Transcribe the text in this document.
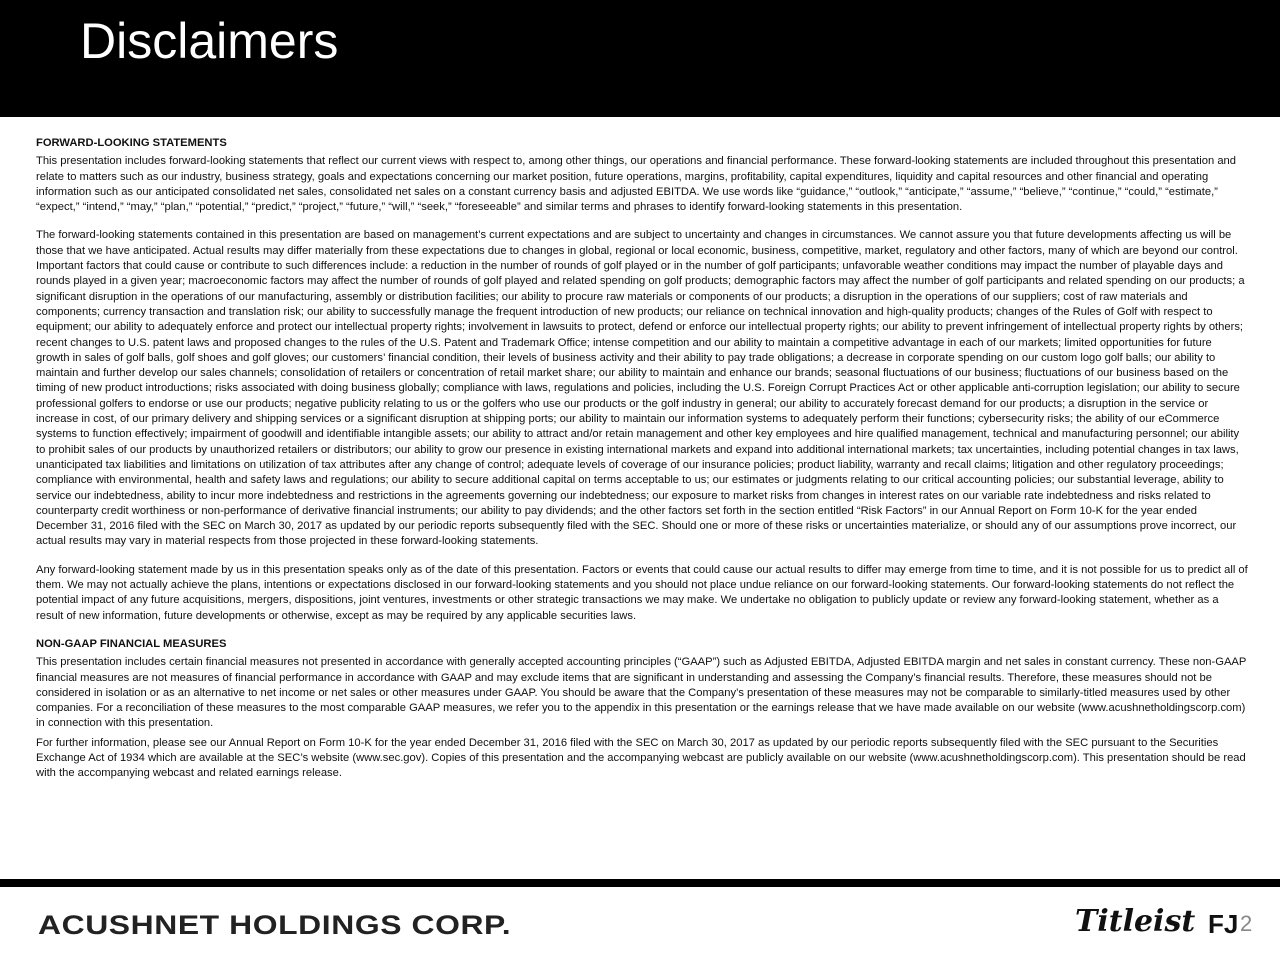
Disclaimers
FORWARD-LOOKING STATEMENTS

This presentation includes forward-looking statements that reflect our current views with respect to, among other things, our operations and financial performance. These forward-looking statements are included throughout this presentation and relate to matters such as our industry, business strategy, goals and expectations concerning our market position, future operations, margins, profitability, capital expenditures, liquidity and capital resources and other financial and operating information such as our anticipated consolidated net sales, consolidated net sales on a constant currency basis and adjusted EBITDA. We use words like “guidance,” “outlook,” “anticipate,” “assume,” “believe,” “continue,” “could,” “estimate,” “expect,” “intend,” “may,” “plan,” “potential,” “predict,” “project,” “future,” “will,” “seek,” “foreseeable” and similar terms and phrases to identify forward-looking statements in this presentation.

The forward-looking statements contained in this presentation are based on management’s current expectations and are subject to uncertainty and changes in circumstances. We cannot assure you that future developments affecting us will be those that we have anticipated. Actual results may differ materially from these expectations due to changes in global, regional or local economic, business, competitive, market, regulatory and other factors, many of which are beyond our control. Important factors that could cause or contribute to such differences include: a reduction in the number of rounds of golf played or in the number of golf participants; unfavorable weather conditions may impact the number of playable days and rounds played in a given year; macroeconomic factors may affect the number of rounds of golf played and related spending on golf products; demographic factors may affect the number of golf participants and related spending on our products; a significant disruption in the operations of our manufacturing, assembly or distribution facilities; our ability to procure raw materials or components of our products; a disruption in the operations of our suppliers; cost of raw materials and components; currency transaction and translation risk; our ability to successfully manage the frequent introduction of new products; our reliance on technical innovation and high-quality products; changes of the Rules of Golf with respect to equipment; our ability to adequately enforce and protect our intellectual property rights; involvement in lawsuits to protect, defend or enforce our intellectual property rights; our ability to prevent infringement of intellectual property rights by others; recent changes to U.S. patent laws and proposed changes to the rules of the U.S. Patent and Trademark Office; intense competition and our ability to maintain a competitive advantage in each of our markets; limited opportunities for future growth in sales of golf balls, golf shoes and golf gloves; our customers’ financial condition, their levels of business activity and their ability to pay trade obligations; a decrease in corporate spending on our custom logo golf balls; our ability to maintain and further develop our sales channels; consolidation of retailers or concentration of retail market share; our ability to maintain and enhance our brands; seasonal fluctuations of our business; fluctuations of our business based on the timing of new product introductions; risks associated with doing business globally; compliance with laws, regulations and policies, including the U.S. Foreign Corrupt Practices Act or other applicable anti-corruption legislation; our ability to secure professional golfers to endorse or use our products; negative publicity relating to us or the golfers who use our products or the golf industry in general; our ability to accurately forecast demand for our products; a disruption in the service or increase in cost, of our primary delivery and shipping services or a significant disruption at shipping ports; our ability to maintain our information systems to adequately perform their functions; cybersecurity risks; the ability of our eCommerce systems to function effectively; impairment of goodwill and identifiable intangible assets; our ability to attract and/or retain management and other key employees and hire qualified management, technical and manufacturing personnel; our ability to prohibit sales of our products by unauthorized retailers or distributors; our ability to grow our presence in existing international markets and expand into additional international markets; tax uncertainties, including potential changes in tax laws, unanticipated tax liabilities and limitations on utilization of tax attributes after any change of control; adequate levels of coverage of our insurance policies; product liability, warranty and recall claims; litigation and other regulatory proceedings; compliance with environmental, health and safety laws and regulations; our ability to secure additional capital on terms acceptable to us; our estimates or judgments relating to our critical accounting policies; our substantial leverage, ability to service our indebtedness, ability to incur more indebtedness and restrictions in the agreements governing our indebtedness; our exposure to market risks from changes in interest rates on our variable rate indebtedness and risks related to counterparty credit worthiness or non-performance of derivative financial instruments; our ability to pay dividends; and the other factors set forth in the section entitled “Risk Factors” in our Annual Report on Form 10-K for the year ended December 31, 2016 filed with the SEC on March 30, 2017 as updated by our periodic reports subsequently filed with the SEC. Should one or more of these risks or uncertainties materialize, or should any of our assumptions prove incorrect, our actual results may vary in material respects from those projected in these forward-looking statements.

Any forward-looking statement made by us in this presentation speaks only as of the date of this presentation. Factors or events that could cause our actual results to differ may emerge from time to time, and it is not possible for us to predict all of them. We may not actually achieve the plans, intentions or expectations disclosed in our forward-looking statements and you should not place undue reliance on our forward-looking statements. Our forward-looking statements do not reflect the potential impact of any future acquisitions, mergers, dispositions, joint ventures, investments or other strategic transactions we may make. We undertake no obligation to publicly update or review any forward-looking statement, whether as a result of new information, future developments or otherwise, except as may be required by any applicable securities laws.

NON-GAAP FINANCIAL MEASURES

This presentation includes certain financial measures not presented in accordance with generally accepted accounting principles (“GAAP”) such as Adjusted EBITDA, Adjusted EBITDA margin and net sales in constant currency. These non-GAAP financial measures are not measures of financial performance in accordance with GAAP and may exclude items that are significant in understanding and assessing the Company’s financial results. Therefore, these measures should not be considered in isolation or as an alternative to net income or net sales or other measures under GAAP. You should be aware that the Company’s presentation of these measures may not be comparable to similarly-titled measures used by other companies. For a reconciliation of these measures to the most comparable GAAP measures, we refer you to the appendix in this presentation or the earnings release that we have made available on our website (www.acushnetholdingscorp.com) in connection with this presentation.

For further information, please see our Annual Report on Form 10-K for the year ended December 31, 2016 filed with the SEC on March 30, 2017 as updated by our periodic reports subsequently filed with the SEC pursuant to the Securities Exchange Act of 1934 which are available at the SEC’s website (www.sec.gov). Copies of this presentation and the accompanying webcast are publicly available on our website (www.acushnetholdingscorp.com). This presentation should be read with the accompanying webcast and related earnings release.

ACUSHNET HOLDINGS CORP.	Titleist FJ 2
